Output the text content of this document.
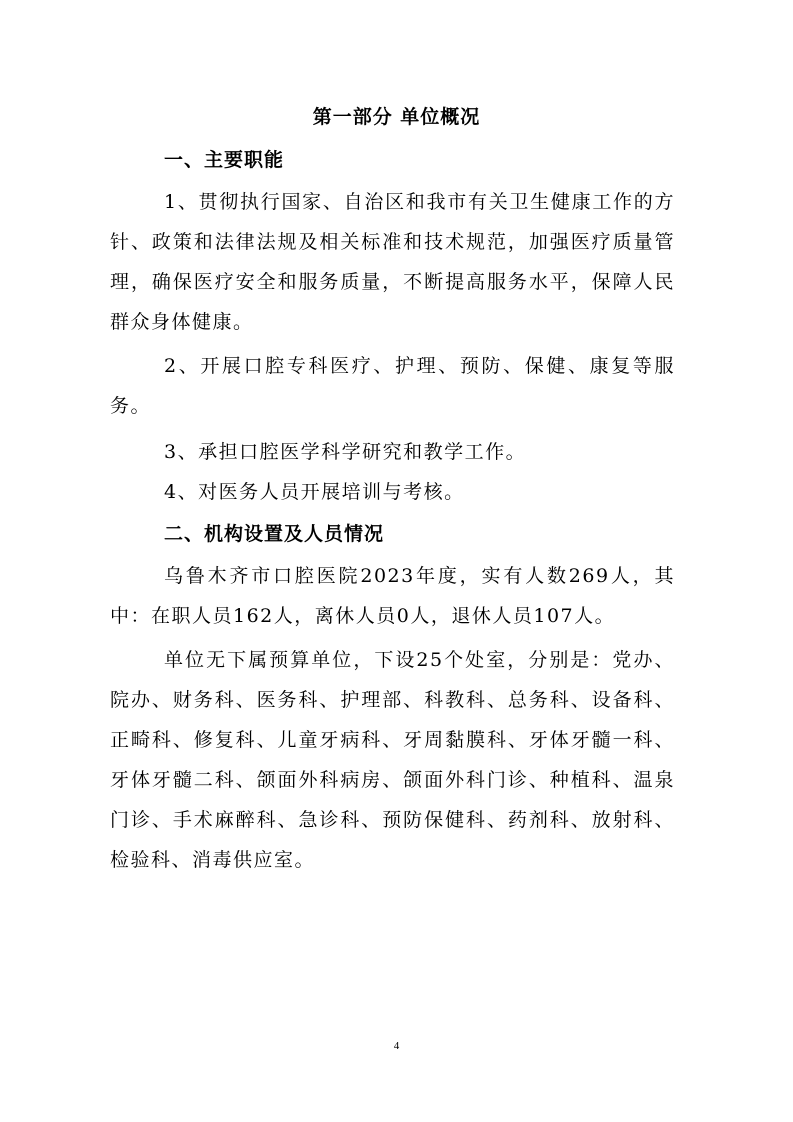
第一部分 单位概况
一、主要职能

1、贯彻执行国家、自治区和我市有关卫生健康工作的方针、政策和法律法规及相关标准和技术规范，加强医疗质量管理，确保医疗安全和服务质量，不断提高服务水平，保障人民群众身体健康。

2、开展口腔专科医疗、护理、预防、保健、康复等服务。

3、承担口腔医学科学研究和教学工作。

4、对医务人员开展培训与考核。

二、机构设置及人员情况

乌鲁木齐市口腔医院2023年度，实有人数269人，其中：在职人员162人，离休人员0人，退休人员107人。

单位无下属预算单位，下设25个处室，分别是：党办、院办、财务科、医务科、护理部、科教科、总务科、设备科、正畸科、修复科、儿童牙病科、牙周黏膜科、牙体牙髓一科、牙体牙髓二科、颌面外科病房、颌面外科门诊、种植科、温泉门诊、手术麻醉科、急诊科、预防保健科、药剂科、放射科、检验科、消毒供应室。

4
